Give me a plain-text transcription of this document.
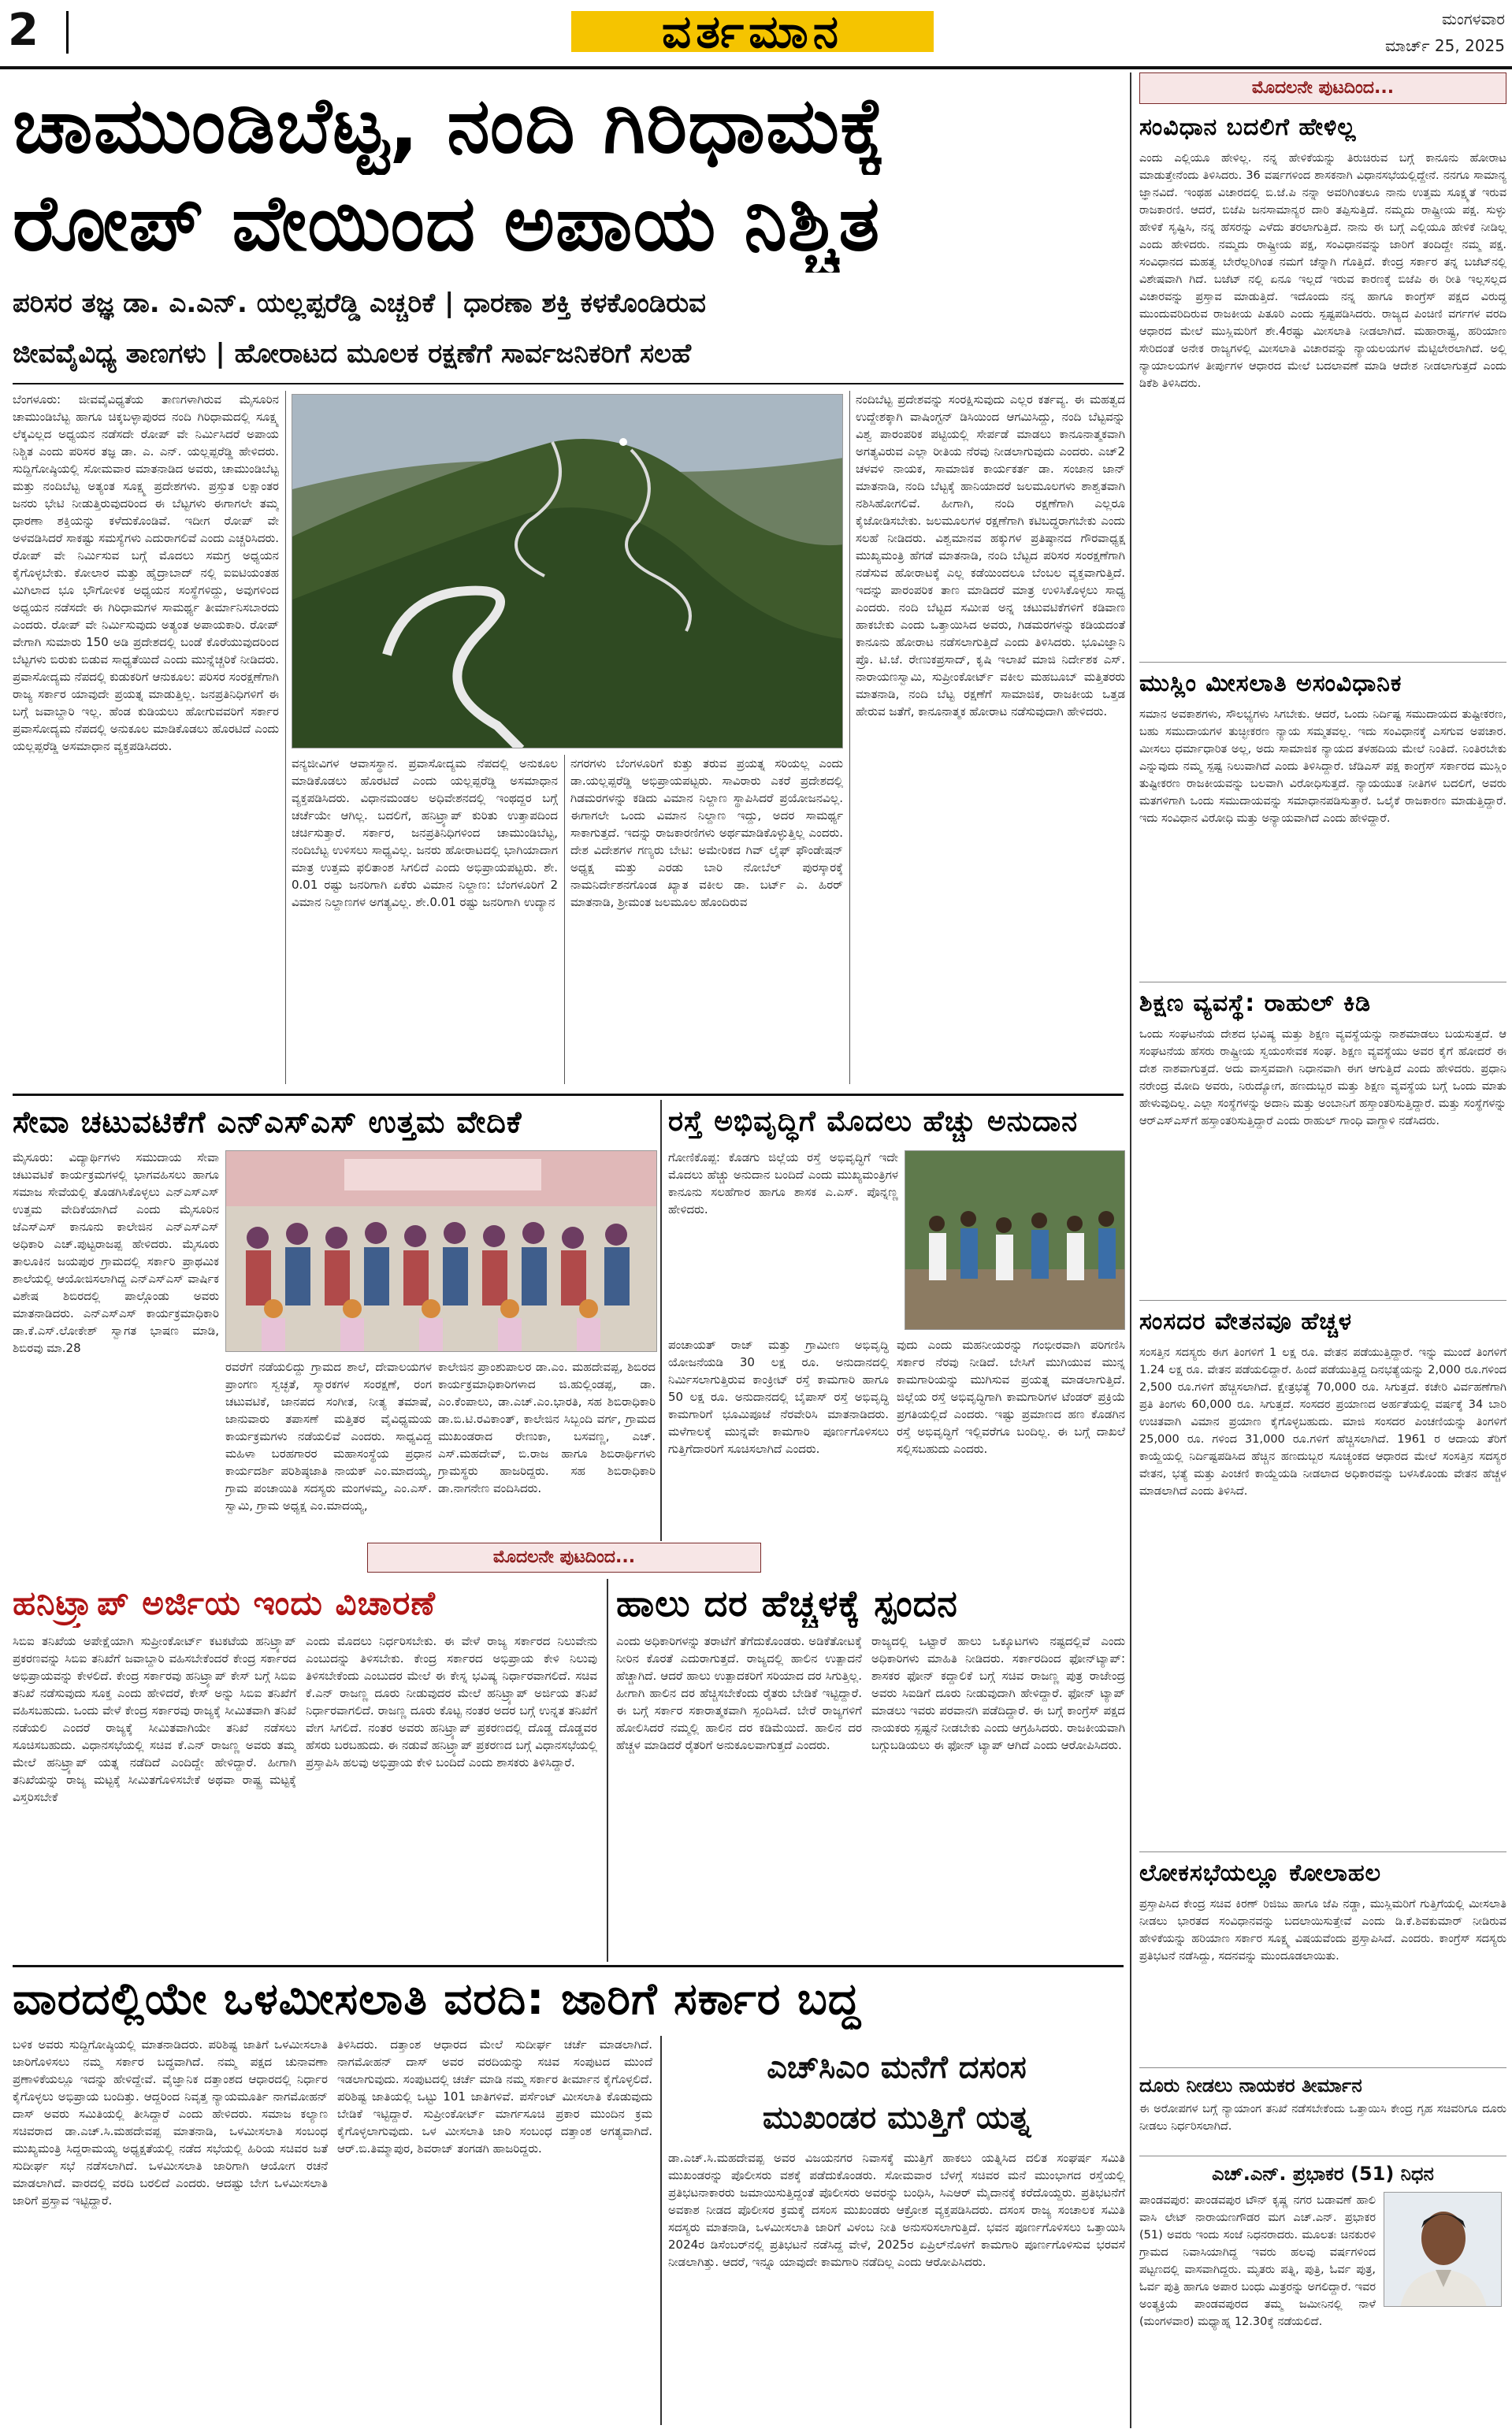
2	ವರ್ತಮಾನ	ಮಂಗಳವಾರ
ಮಾರ್ಚ್ 25, 2025
ಚಾಮುಂಡಿಬೆಟ್ಟ, ನಂದಿ ಗಿರಿಧಾಮಕ್ಕೆ
ರೋಪ್ ವೇಯಿಂದ ಅಪಾಯ ನಿಶ್ಚಿತ
ಪರಿಸರ ತಜ್ಞ ಡಾ. ಎ.ಎನ್. ಯಲ್ಲಪ್ಪರೆಡ್ಡಿ ಎಚ್ಚರಿಕೆ | ಧಾರಣಾ ಶಕ್ತಿ ಕಳಕೊಂಡಿರುವ
ಜೀವವೈವಿಧ್ಯ ತಾಣಗಳು | ಹೋರಾಟದ ಮೂಲಕ ರಕ್ಷಣೆಗೆ ಸಾರ್ವಜನಿಕರಿಗೆ ಸಲಹೆ
ಬೆಂಗಳೂರು: ಜೀವವೈವಿಧ್ಯತೆಯ ತಾಣಗಳಾಗಿರುವ ಮೈಸೂರಿನ ಚಾಮುಂಡಿಬೆಟ್ಟ ಹಾಗೂ ಚಿಕ್ಕಬಳ್ಳಾಪುರದ ನಂದಿ ಗಿರಿಧಾಮದಲ್ಲಿ ಸೂಕ್ಷ್ಮ ಲೆಕ್ಕವಿಲ್ಲದ ಅಧ್ಯಯನ ನಡೆಸದೇ ರೋಪ್ ವೇ ನಿರ್ಮಿಸಿದರೆ ಅಪಾಯ ನಿಶ್ಚಿತ ಎಂದು ಪರಿಸರ ತಜ್ಞ ಡಾ. ಎ. ಎನ್. ಯಲ್ಲಪ್ಪರೆಡ್ಡಿ ಹೇಳಿದರು. ಸುದ್ದಿಗೋಷ್ಠಿಯಲ್ಲಿ ಸೋಮವಾರ ಮಾತನಾಡಿದ ಅವರು, ಚಾಮುಂಡಿಬೆಟ್ಟ ಮತ್ತು ನಂದಿಬೆಟ್ಟ ಅತ್ಯಂತ ಸೂಕ್ಷ್ಮ ಪ್ರದೇಶಗಳು. ಪ್ರಸ್ತುತ ಲಕ್ಷಾಂತರ ಜನರು ಭೇಟಿ ನೀಡುತ್ತಿರುವುದರಿಂದ ಈ ಬೆಟ್ಟಗಳು ಈಗಾಗಲೇ ತಮ್ಮ ಧಾರಣಾ ಶಕ್ತಿಯನ್ನು ಕಳೆದುಕೊಂಡಿವೆ. ಇದೀಗ ರೋಪ್ ವೇ ಅಳವಡಿಸಿದರೆ ಸಾಕಷ್ಟು ಸಮಸ್ಯೆಗಳು ಎದುರಾಗಲಿವೆ ಎಂದು ಎಚ್ಚರಿಸಿದರು. ರೋಪ್ ವೇ ನಿರ್ಮಿಸುವ ಬಗ್ಗೆ ಮೊದಲು ಸಮಗ್ರ ಅಧ್ಯಯನ ಕೈಗೊಳ್ಳಬೇಕು. ಕೋಲಾರ ಮತ್ತು ಹೈದ್ರಾಬಾದ್ ನಲ್ಲಿ ಐಐಟಿಯಂತಹ ಮಿಗಿಲಾದ ಭೂ ಭೌಗೋಳಿಕ ಅಧ್ಯಯನ ಸಂಸ್ಥೆಗಳಿದ್ದು, ಅವುಗಳಿಂದ ಅಧ್ಯಯನ ನಡೆಸದೇ ಈ ಗಿರಿಧಾಮಗಳ ಸಾಮರ್ಥ್ಯ ತೀರ್ಮಾನಿಸಬಾರದು ಎಂದರು. ರೋಪ್ ವೇ ನಿರ್ಮಿಸುವುದು ಅತ್ಯಂತ ಅಪಾಯಕಾರಿ. ರೋಪ್ ವೇಗಾಗಿ ಸುಮಾರು 150 ಅಡಿ ಪ್ರದೇಶದಲ್ಲಿ ಬಂಡೆ ಕೊರೆಯುವುದರಿಂದ ಬೆಟ್ಟಗಳು ಬಿರುಕು ಬಿಡುವ ಸಾಧ್ಯತೆಯಿದೆ ಎಂದು ಮುನ್ನೆಚ್ಚರಿಕೆ ನೀಡಿದರು. ಪ್ರವಾಸೋದ್ಯಮ ನೆಪದಲ್ಲಿ ಕುಡುಕರಿಗೆ ಆನುಕೂಲ: ಪರಿಸರ ಸಂರಕ್ಷಣೆಗಾಗಿ ರಾಜ್ಯ ಸರ್ಕಾರ ಯಾವುದೇ ಪ್ರಯತ್ನ ಮಾಡುತ್ತಿಲ್ಲ. ಜನಪ್ರತಿನಿಧಿಗಳಿಗೆ ಈ ಬಗ್ಗೆ ಜವಾಬ್ದಾರಿ ಇಲ್ಲ. ಹೆಂಡ ಕುಡಿಯಲು ಹೋಗುವವರಿಗೆ ಸರ್ಕಾರ ಪ್ರವಾಸೋದ್ಯಮ ನೆಪದಲ್ಲಿ ಅನುಕೂಲ ಮಾಡಿಕೊಡಲು ಹೊರಟಿದೆ ಎಂದು ಯಲ್ಲಪ್ಪರೆಡ್ಡಿ ಅಸಮಾಧಾನ ವ್ಯಕ್ತಪಡಿಸಿದರು.
ವನ್ಯಜೀವಿಗಳ ಆವಾಸಸ್ಥಾನ. ಪ್ರವಾಸೋದ್ಯಮ ನೆಪದಲ್ಲಿ ಅನುಕೂಲ ಮಾಡಿಕೊಡಲು ಹೊರಟಿದೆ ಎಂದು ಯಲ್ಲಪ್ಪರೆಡ್ಡಿ ಅಸಮಾಧಾನ ವ್ಯಕ್ತಪಡಿಸಿದರು. ವಿಧಾನಮಂಡಲ ಅಧಿವೇಶನದಲ್ಲಿ ಇಂಥದ್ದರ ಬಗ್ಗೆ ಚರ್ಚೆಯೇ ಆಗಿಲ್ಲ. ಬದಲಿಗೆ, ಹನಿಟ್ರ್ಯಾಪ್ ಕುರಿತು ಉತ್ತಾಪದಿಂದ ಚರ್ಚಿಸುತ್ತಾರೆ. ಸರ್ಕಾರ, ಜನಪ್ರತಿನಿಧಿಗಳಿಂದ ಚಾಮುಂಡಿಬೆಟ್ಟ, ನಂದಿಬೆಟ್ಟ ಉಳಿಸಲು ಸಾಧ್ಯವಿಲ್ಲ. ಜನರು ಹೋರಾಟದಲ್ಲಿ ಭಾಗಿಯಾದಾಗ ಮಾತ್ರ ಉತ್ತಮ ಫಲಿತಾಂಶ ಸಿಗಲಿದೆ ಎಂದು ಅಭಿಪ್ರಾಯಪಟ್ಟರು. ಶೇ. 0.01 ರಷ್ಟು ಜನರಿಗಾಗಿ ಏಕೆರು ವಿಮಾನ ನಿಲ್ದಾಣ: ಬೆಂಗಳೂರಿಗೆ 2 ವಿಮಾನ ನಿಲ್ದಾಣಗಳ ಅಗತ್ಯವಿಲ್ಲ. ಶೇ.0.01 ರಷ್ಟು ಜನರಿಗಾಗಿ ಉದ್ಯಾನ
ನಗರಗಳು ಬೆಂಗಳೂರಿಗೆ ಕುತ್ತು ತರುವ ಪ್ರಯತ್ನ ಸರಿಯಲ್ಲ ಎಂದು ಡಾ.ಯಲ್ಲಪ್ಪರೆಡ್ಡಿ ಅಭಿಪ್ರಾಯಪಟ್ಟರು. ಸಾವಿರಾರು ಎಕರೆ ಪ್ರದೇಶದಲ್ಲಿ ಗಿಡಮರಗಳನ್ನು ಕಡಿದು ವಿಮಾನ ನಿಲ್ದಾಣ ಸ್ಥಾಪಿಸಿದರೆ ಪ್ರಯೋಜನವಿಲ್ಲ. ಈಗಾಗಲೇ ಒಂದು ವಿಮಾನ ನಿಲ್ದಾಣ ಇದ್ದು, ಅದರ ಸಾಮರ್ಥ್ಯ ಸಾಕಾಗುತ್ತದೆ. ಇದನ್ನು ರಾಜಕಾರಣಿಗಳು ಅರ್ಥಮಾಡಿಕೊಳ್ಳುತ್ತಿಲ್ಲ ಎಂದರು. ದೇಶ ವಿದೇಶಗಳ ಗಣ್ಯರು ಬೇಟಿ: ಅಮೇರಿಕದ ಗಿವ್ ಲೈಫ್ ಫೌಂಡೇಷನ್ ಅಧ್ಯಕ್ಷ ಮತ್ತು ಎರಡು ಬಾರಿ ನೋಬೆಲ್ ಪುರಸ್ಕಾರಕ್ಕೆ ನಾಮನಿರ್ದೇಶನಗೊಂಡ ಖ್ಯಾತ ವಕೀಲ ಡಾ. ಬರ್ಟ್ ಎ. ಹಿರರ್ ಮಾತನಾಡಿ, ಶ್ರೀಮಂತ ಜಲಮೂಲ ಹೊಂದಿರುವ
ನಂದಿಬೆಟ್ಟ ಪ್ರದೇಶವನ್ನು ಸಂರಕ್ಷಿಸುವುದು ಎಲ್ಲರ ಕರ್ತವ್ಯ. ಈ ಮಹತ್ವದ ಉದ್ದೇಶಕ್ಕಾಗಿ ವಾಷಿಂಗ್ಟನ್ ಡಿಸಿಯಿಂದ ಆಗಮಿಸಿದ್ದು, ನಂದಿ ಬೆಟ್ಟವನ್ನು ವಿಶ್ವ ಪಾರಂಪರಿಕ ಪಟ್ಟಿಯಲ್ಲಿ ಸೇರ್ಪಡೆ ಮಾಡಲು ಕಾನೂನಾತ್ಮಕವಾಗಿ ಅಗತ್ಯವಿರುವ ಎಲ್ಲಾ ರೀತಿಯ ನೆರವು ನೀಡಲಾಗುವುದು ಎಂದರು. ಎಚ್2 ಚಳವಳಿ ನಾಯಕ, ಸಾಮಾಜಿಕ ಕಾರ್ಯಕರ್ತ ಡಾ. ಸಂಜಾನ ಜಾನ್ ಮಾತನಾಡಿ, ನಂದಿ ಬೆಟ್ಟಕ್ಕೆ ಹಾನಿಯಾದರೆ ಜಲಮೂಲಗಳು ಶಾಶ್ವತವಾಗಿ ನಶಿಸಿಹೋಗಲಿವೆ. ಹೀಗಾಗಿ, ನಂದಿ ರಕ್ಷಣೆಗಾಗಿ ಎಲ್ಲರೂ ಕೈಜೋಡಿಸಬೇಕು. ಜಲಮೂಲಗಳ ರಕ್ಷಣೆಗಾಗಿ ಕಟಿಬದ್ಧರಾಗಬೇಕು ಎಂದು ಸಲಹೆ ನೀಡಿದರು. ವಿಶ್ವಮಾನವ ಹಕ್ಕುಗಳ ಪ್ರತಿಷ್ಠಾನದ ಗೌರವಾಧ್ಯಕ್ಷ ಮುಖ್ಯಮಂತ್ರಿ ಹೆಗಡೆ ಮಾತನಾಡಿ, ನಂದಿ ಬೆಟ್ಟದ ಪರಿಸರ ಸಂರಕ್ಷಣೆಗಾಗಿ ನಡೆಸುವ ಹೋರಾಟಕ್ಕೆ ಎಲ್ಲ ಕಡೆಯಿಂದಲೂ ಬೆಂಬಲ ವ್ಯಕ್ತವಾಗುತ್ತಿದೆ. ಇದನ್ನು ಪಾರಂಪರಿಕ ತಾಣ ಮಾಡಿದರೆ ಮಾತ್ರ ಉಳಿಸಿಕೊಳ್ಳಲು ಸಾಧ್ಯ ಎಂದರು. ನಂದಿ ಬೆಟ್ಟದ ಸಮೀಪ ಅನ್ನ ಚಟುವಟಿಕೆಗಳಿಗೆ ಕಡಿವಾಣ ಹಾಕಬೇಕು ಎಂದು ಒತ್ತಾಯಿಸಿದ ಅವರು, ಗಿಡಮರಗಳನ್ನು ಕಡಿಯದಂತೆ ಕಾನೂನು ಹೋರಾಟ ನಡೆಸಲಾಗುತ್ತಿದೆ ಎಂದು ತಿಳಿಸಿದರು. ಭೂವಿಜ್ಞಾನಿ ಪ್ರೊ. ಟಿ.ಜೆ. ರೇಣುಕಪ್ರಸಾದ್, ಕೃಷಿ ಇಲಾಖೆ ಮಾಜಿ ನಿರ್ದೇಶಕ ಎಸ್. ನಾರಾಯಣಸ್ವಾಮಿ, ಸುಪ್ರೀಂಕೋರ್ಟ್ ವಕೀಲ ಮಹಬೂಬ್ ಮತ್ತಿತರರು ಮಾತನಾಡಿ, ನಂದಿ ಬೆಟ್ಟ ರಕ್ಷಣೆಗೆ ಸಾಮಾಜಿಕ, ರಾಜಕೀಯ ಒತ್ತಡ ಹೇರುವ ಜತೆಗೆ, ಕಾನೂನಾತ್ಮಕ ಹೋರಾಟ ನಡೆಸುವುದಾಗಿ ಹೇಳಿದರು.
ಮೊದಲನೇ ಪುಟದಿಂದ...
ಸಂವಿಧಾನ ಬದಲಿಗೆ ಹೇಳಿಲ್ಲ
ಎಂದು ಎಲ್ಲಿಯೂ ಹೇಳಿಲ್ಲ. ನನ್ನ ಹೇಳಿಕೆಯನ್ನು ತಿರುಚಿರುವ ಬಗ್ಗೆ ಕಾನೂನು ಹೋರಾಟ ಮಾಡುತ್ತೇನೆಂದು ತಿಳಿಸಿದರು. 36 ವರ್ಷಗಳಿಂದ ಶಾಸಕನಾಗಿ ವಿಧಾನಸಭೆಯಲ್ಲಿದ್ದೇನೆ. ನನಗೂ ಸಾಮಾನ್ಯ ಜ್ಞಾನವಿದೆ. ಇಂಥಹ ವಿಚಾರದಲ್ಲಿ ಬಿ.ಜೆ.ಪಿ ನನ್ನಾ ಅವರಿಗಿಂತಲೂ ನಾನು ಉತ್ತಮ ಸೂಕ್ಷ್ಮತೆ ಇರುವ ರಾಜಕಾರಣಿ. ಆದರೆ, ಬಿಜೆಪಿ ಜನಸಾಮಾನ್ಯರ ದಾರಿ ತಪ್ಪಿಸುತ್ತಿದೆ. ನಮ್ಮದು ರಾಷ್ಟ್ರೀಯ ಪಕ್ಷ. ಸುಳ್ಳು ಹೇಳಿಕೆ ಸೃಷ್ಟಿಸಿ, ನನ್ನ ಹೆಸರನ್ನು ಎಳೆದು ತರಲಾಗುತ್ತಿದೆ. ನಾನು ಈ ಬಗ್ಗೆ ಎಲ್ಲಿಯೂ ಹೇಳಿಕೆ ನೀಡಿಲ್ಲ ಎಂದು ಹೇಳಿದರು. ನಮ್ಮದು ರಾಷ್ಟ್ರೀಯ ಪಕ್ಷ, ಸಂವಿಧಾನವನ್ನು ಜಾರಿಗೆ ತಂದಿದ್ದೇ ನಮ್ಮ ಪಕ್ಷ. ಸಂವಿಧಾನದ ಮಹತ್ವ ಬೇರೆಲ್ಲರಿಗಿಂತ ನಮಗೆ ಚೆನ್ನಾಗಿ ಗೊತ್ತಿದೆ. ಕೇಂದ್ರ ಸರ್ಕಾರ ತನ್ನ ಬಜೆಟ್‌ನಲ್ಲಿ ವಿಶೇಷವಾಗಿ ಗಿದೆ. ಬಜೆಟ್ ನಲ್ಲಿ ಏನೂ ಇಲ್ಲದೆ ಇರುವ ಕಾರಣಕ್ಕೆ ಬಿಜೆಪಿ ಈ ರೀತಿ ಇಲ್ಲಸಲ್ಲದ ವಿಚಾರವನ್ನು ಪ್ರಸ್ತಾವ ಮಾಡುತ್ತಿದೆ. ಇದೊಂದು ನನ್ನ ಹಾಗೂ ಕಾಂಗ್ರೆಸ್ ಪಕ್ಷದ ವಿರುದ್ಧ ಮುಂದುವರಿದಿರುವ ರಾಜಕೀಯ ಪಿತೂರಿ ಎಂದು ಸ್ಪಷ್ಟಪಡಿಸಿದರು. ರಾಜ್ಯದ ಪಿಂಚಿಣಿ ವರ್ಗಗಳ ವರದಿ ಆಧಾರದ ಮೇಲೆ ಮುಸ್ಲಿಮರಿಗೆ ಶೇ.4ರಷ್ಟು ಮೀಸಲಾತಿ ನೀಡಲಾಗಿದೆ. ಮಹಾರಾಷ್ಟ್ರ, ಹರಿಯಾಣ ಸೇರಿದಂತೆ ಅನೇಕ ರಾಜ್ಯಗಳಲ್ಲಿ ಮೀಸಲಾತಿ ವಿಚಾರವನ್ನು ನ್ಯಾಯಲಯಗಳ ಮೆಟ್ಟಿಲೇರಲಾಗಿದೆ. ಅಲ್ಲಿ ನ್ಯಾಯಾಲಯಗಳ ತೀರ್ಪುಗಳ ಆಧಾರದ ಮೇಲೆ ಬದಲಾವಣೆ ಮಾಡಿ ಆದೇಶ ನೀಡಲಾಗುತ್ತದೆ ಎಂದು ಡಿಕೆಶಿ ತಿಳಿಸಿದರು.
ಮುಸ್ಲಿಂ ಮೀಸಲಾತಿ ಅಸಂವಿಧಾನಿಕ
ಸಮಾನ ಅವಕಾಶಗಳು, ಸೌಲಭ್ಯಗಳು ಸಿಗಬೇಕು. ಆದರೆ, ಒಂದು ನಿರ್ದಿಷ್ಟ ಸಮುದಾಯದ ತುಷ್ಟೀಕರಣ, ಬಹು ಸಮುದಾಯಗಳ ತುಚ್ಛೀಕರಣ ನ್ಯಾಯ ಸಮ್ಮತವಲ್ಲ. ಇದು ಸಂವಿಧಾನಕ್ಕೆ ಎಸಗುವ ಅಪಚಾರ. ಮೀಸಲು ಧರ್ಮಾಧಾರಿತ ಅಲ್ಲ, ಅದು ಸಾಮಾಜಿಕ ನ್ಯಾಯದ ತಳಹದಿಯ ಮೇಲೆ ನಿಂತಿದೆ. ನಿಂತಿರಬೇಕು ಎನ್ನುವುದು ನಮ್ಮ ಸ್ಪಷ್ಟ ನಿಲುವಾಗಿದೆ ಎಂದು ತಿಳಿಸಿದ್ದಾರೆ. ಜೆಡಿಎಸ್ ಪಕ್ಷ ಕಾಂಗ್ರೆಸ್ ಸರ್ಕಾರದ ಮುಸ್ಲಿಂ ತುಷ್ಟೀಕರಣ ರಾಜಕೀಯವನ್ನು ಬಲವಾಗಿ ವಿರೋಧಿಸುತ್ತದೆ. ನ್ಯಾಯಯುತ ನೀತಿಗಳ ಬದಲಿಗೆ, ಅವರು ಮತಗಳಿಗಾಗಿ ಒಂದು ಸಮುದಾಯವನ್ನು ಸಮಾಧಾನಪಡಿಸುತ್ತಾರೆ. ಒಲೈಕೆ ರಾಜಕಾರಣ ಮಾಡುತ್ತಿದ್ದಾರೆ. ಇದು ಸಂವಿಧಾನ ವಿರೋಧಿ ಮತ್ತು ಅನ್ಯಾಯವಾಗಿದೆ ಎಂದು ಹೇಳಿದ್ದಾರೆ.
ಶಿಕ್ಷಣ ವ್ಯವಸ್ಥೆ: ರಾಹುಲ್ ಕಿಡಿ
ಒಂದು ಸಂಘಟನೆಯ ದೇಶದ ಭವಿಷ್ಯ ಮತ್ತು ಶಿಕ್ಷಣ ವ್ಯವಸ್ಥೆಯನ್ನು ನಾಶಮಾಡಲು ಬಯಸುತ್ತದೆ. ಆ ಸಂಘಟನೆಯ ಹೆಸರು ರಾಷ್ಟ್ರೀಯ ಸ್ವಯಂಸೇವಕ ಸಂಘ. ಶಿಕ್ಷಣ ವ್ಯವಸ್ಥೆಯು ಅವರ ಕೈಗೆ ಹೋದರೆ ಈ ದೇಶ ನಾಶವಾಗುತ್ತದೆ. ಅದು ವಾಸ್ತವವಾಗಿ ನಿಧಾನವಾಗಿ ಈಗ ಆಗುತ್ತಿದೆ ಎಂದು ಹೇಳಿದರು. ಪ್ರಧಾನಿ ನರೇಂದ್ರ ಮೋದಿ ಅವರು, ನಿರುದ್ಯೋಗ, ಹಣದುಬ್ಬರ ಮತ್ತು ಶಿಕ್ಷಣ ವ್ಯವಸ್ಥೆಯ ಬಗ್ಗೆ ಒಂದು ಮಾತು ಹೇಳುವುದಿಲ್ಲ. ಎಲ್ಲಾ ಸಂಸ್ಥೆಗಳನ್ನು ಅದಾನಿ ಮತ್ತು ಅಂಬಾನಿಗೆ ಹಸ್ತಾಂತರಿಸುತ್ತಿದ್ದಾರೆ. ಮತ್ತು ಸಂಸ್ಥೆಗಳನ್ನು ಆರ್‌ಎಸ್‌ಎಸ್‌ಗೆ ಹಸ್ತಾಂತರಿಸುತ್ತಿದ್ದಾರೆ ಎಂದು ರಾಹುಲ್ ಗಾಂಧಿ ವಾಗ್ದಾಳಿ ನಡೆಸಿದರು.
ಸಂಸದರ ವೇತನವೂ ಹೆಚ್ಚಳ
ಸಂಸತ್ತಿನ ಸದಸ್ಯರು ಈಗ ತಿಂಗಳಿಗೆ 1 ಲಕ್ಷ ರೂ. ವೇತನ ಪಡೆಯುತ್ತಿದ್ದಾರೆ. ಇನ್ನು ಮುಂದೆ ತಿಂಗಳಿಗೆ 1.24 ಲಕ್ಷ ರೂ. ವೇತನ ಪಡೆಯಲಿದ್ದಾರೆ. ಹಿಂದೆ ಪಡೆಯುತ್ತಿದ್ದ ದಿನಭತ್ಯೆಯನ್ನು 2,000 ರೂ.ಗಳಿಂದ 2,500 ರೂ.ಗಳಿಗೆ ಹೆಚ್ಚಿಸಲಾಗಿದೆ. ಕ್ಷೇತ್ರಭತ್ಯೆ 70,000 ರೂ. ಸಿಗುತ್ತದೆ. ಕಚೇರಿ ವಿರ್ವಹಣೆಗಾಗಿ ಪ್ರತಿ ತಿಂಗಳು 60,000 ರೂ. ಸಿಗುತ್ತದೆ. ಸಂಸದರ ಪ್ರಯಾಣದ ಅರ್ಹತೆಯಲ್ಲಿ ವರ್ಷಕ್ಕೆ 34 ಬಾರಿ ಉಚಿತವಾಗಿ ವಿಮಾನ ಪ್ರಯಾಣ ಕೈಗೊಳ್ಳಬಹುದು. ಮಾಜಿ ಸಂಸದರ ಪಿಂಚಣಿಯನ್ನು ತಿಂಗಳಿಗೆ 25,000 ರೂ. ಗಳಿಂದ 31,000 ರೂ.ಗಳಿಗೆ ಹೆಚ್ಚಿಸಲಾಗಿದೆ. 1961 ರ ಆದಾಯ ತೆರಿಗೆ ಕಾಯ್ದೆಯಲ್ಲಿ ನಿರ್ದಿಷ್ಟಪಡಿಸಿದ ಹೆಚ್ಚಿನ ಹಣದುಬ್ಬರ ಸೂಚ್ಯಂಕದ ಆಧಾರದ ಮೇಲೆ ಸಂಸತ್ತಿನ ಸದಸ್ಯರ ವೇತನ, ಭತ್ಯೆ ಮತ್ತು ಪಿಂಚಣಿ ಕಾಯ್ದೆಯಡಿ ನೀಡಲಾದ ಅಧಿಕಾರವನ್ನು ಬಳಸಿಕೊಂಡು ವೇತನ ಹೆಚ್ಚಳ ಮಾಡಲಾಗಿದೆ ಎಂದು ತಿಳಿಸಿದೆ.
ಲೋಕಸಭೆಯಲ್ಲೂ ಕೋಲಾಹಲ
ಪ್ರಸ್ತಾಪಿಸಿದ ಕೇಂದ್ರ ಸಚಿವ ಕಿರಣ್ ರಿಜಿಜು ಹಾಗೂ ಜೆಪಿ ನಡ್ಡಾ, ಮುಸ್ಲಿಮರಿಗೆ ಗುತ್ತಿಗೆಯಲ್ಲಿ ಮೀಸಲಾತಿ ನೀಡಲು ಭಾರತದ ಸಂವಿಧಾನವನ್ನು ಬದಲಾಯಿಸುತ್ತೇವೆ ಎಂದು ಡಿ.ಕೆ.ಶಿವಕುಮಾರ್ ನೀಡಿರುವ ಹೇಳಿಕೆಯನ್ನು ಹರಿಯಾಣ ಸರ್ಕಾರ ಸೂಕ್ಷ್ಮ ವಿಷಯವೆಂದು ಪ್ರಸ್ತಾಪಿಸಿದೆ. ಎಂದರು. ಕಾಂಗ್ರೆಸ್ ಸದಸ್ಯರು ಪ್ರತಿಭಟನೆ ನಡೆಸಿದ್ದು, ಸದನವನ್ನು ಮುಂದೂಡಲಾಯಿತು.
ದೂರು ನೀಡಲು ನಾಯಕರ ತೀರ್ಮಾನ
ಈ ಅರೋಪಗಳ ಬಗ್ಗೆ ನ್ಯಾಯಾಂಗ ತನಿಖೆ ನಡೆಸಬೇಕೆಂದು ಒತ್ತಾಯಿಸಿ ಕೇಂದ್ರ ಗೃಹ ಸಚಿವರಿಗೂ ದೂರು ನೀಡಲು ನಿರ್ಧರಿಸಲಾಗಿದೆ.
ಎಚ್.ಎನ್. ಪ್ರಭಾಕರ (51) ನಿಧನ
ಪಾಂಡವಪುರ: ಪಾಂಡವಪುರ ಟೌನ್ ಕೃಷ್ಣ ನಗರ ಬಡಾವಣೆ ಹಾಲಿ ವಾಸಿ ಲೇಟ್ ನಾರಾಯಣಗೌಡರ ಮಗ ಎಚ್.ಎನ್. ಪ್ರಭಾಕರ (51) ಅವರು ಇಂದು ಸಂಜೆ ನಿಧನರಾದರು. ಮೂಲತಃ ಚಿನಕುರಳಿ ಗ್ರಾಮದ ನಿವಾಸಿಯಾಗಿದ್ದ ಇವರು ಹಲವು ವರ್ಷಗಳಿಂದ ಪಟ್ಟಣದಲ್ಲಿ ವಾಸವಾಗಿದ್ದರು. ಮೃತರು ಪತ್ನಿ, ಪುತ್ರಿ, ಓರ್ವ ಪುತ್ರ, ಓರ್ವ ಪುತ್ರಿ ಹಾಗೂ ಅಪಾರ ಬಂಧು ಮಿತ್ರರನ್ನು ಅಗಲಿದ್ದಾರೆ. ಇವರ ಅಂತ್ಯಕ್ರಿಯೆ ಪಾಂಡವಪುರದ ತಮ್ಮ ಜಮೀನಿನಲ್ಲಿ ನಾಳೆ (ಮಂಗಳವಾರ) ಮಧ್ಯಾಹ್ನ 12.30ಕ್ಕೆ ನಡೆಯಲಿದೆ.
ಸೇವಾ ಚಟುವಟಿಕೆಗೆ ಎನ್‌ಎಸ್‌ಎಸ್ ಉತ್ತಮ ವೇದಿಕೆ	ರಸ್ತೆ ಅಭಿವೃದ್ಧಿಗೆ ಮೊದಲು ಹೆಚ್ಚು ಅನುದಾನ
ಮೈಸೂರು: ವಿದ್ಯಾರ್ಥಿಗಳು ಸಮುದಾಯ ಸೇವಾ ಚಟುವಟಿಕೆ ಕಾರ್ಯಕ್ರಮಗಳಲ್ಲಿ ಭಾಗವಹಿಸಲು ಹಾಗೂ ಸಮಾಜ ಸೇವೆಯಲ್ಲಿ ತೊಡಗಿಸಿಕೊಳ್ಳಲು ಎನ್‌ಎಸ್‌ಎಸ್ ಉತ್ತಮ ವೇದಿಕೆಯಾಗಿದೆ ಎಂದು ಮೈಸೂರಿನ ಜೆಎಸ್‌ಎಸ್ ಕಾನೂನು ಕಾಲೇಜಿನ ಎನ್‌ಎಸ್‌ಎಸ್ ಅಧಿಕಾರಿ ಎಚ್.ಪುಟ್ಟರಾಜಪ್ಪ ಹೇಳಿದರು. ಮೈಸೂರು ತಾಲೂಕಿನ ಜಯಪುರ ಗ್ರಾಮದಲ್ಲಿ ಸರ್ಕಾರಿ ಪ್ರಾಥಮಿಕ ಶಾಲೆಯಲ್ಲಿ ಆಯೋಜಿಸಲಾಗಿದ್ದ ಎನ್‌ಎಸ್‌ಎಸ್ ವಾರ್ಷಿಕ ವಿಶೇಷ ಶಿಬಿರದಲ್ಲಿ ಪಾಲ್ಗೊಂಡು ಅವರು ಮಾತನಾಡಿದರು. ಎನ್‌ಎಸ್‌ಎಸ್ ಕಾರ್ಯಕ್ರಮಾಧಿಕಾರಿ ಡಾ.ಕೆ.ಎಸ್.ಲೋಕೇಶ್ ಸ್ವಾಗತ ಭಾಷಣ ಮಾಡಿ, ಶಿಬಿರವು ಮಾ.28
ರವರೆಗೆ ನಡೆಯಲಿದ್ದು ಗ್ರಾಮದ ಶಾಲೆ, ದೇವಾಲಯಗಳ ಪ್ರಾಂಗಣ ಸ್ವಚ್ಛತೆ, ಸ್ಮಾರಕಗಳ ಸಂರಕ್ಷಣೆ, ರಂಗ ಚಟುವಟಿಕೆ, ಜಾನಪದ ಸಂಗೀತ, ನೀತ್ಯ ತಮಾಷೆ, ಜಾನುವಾರು ತಪಾಸಣೆ ಮತ್ತಿತರ ವೈವಿಧ್ಯಮಯ ಕಾರ್ಯಕ್ರಮಗಳು ನಡೆಯಲಿವೆ ಎಂದರು. ಸಾಧ್ಯವಿದ್ದ ಮಹಿಳಾ ಬರಹಗಾರರ ಮಹಾಸಂಸ್ಥೆಯ ಪ್ರಧಾನ ಕಾರ್ಯದರ್ಶಿ ಪರಿಶಿಷ್ಠಜಾತಿ ನಾಯಕ್ ಎಂ.ಮಾದಯ್ಯ, ಗ್ರಾಮ ಪಂಚಾಯಿತಿ ಸದಸ್ಯರು ಮಂಗಳಮ್ಮ, ಎಂ.ಎಸ್. ಸ್ವಾಮಿ, ಗ್ರಾಮ ಅಧ್ಯಕ್ಷ ಎಂ.ಮಾದಯ್ಯ,
ಕಾಲೇಜಿನ ಪ್ರಾಂಶುಪಾಲರ ಡಾ.ಎಂ. ಮಹದೇವಪ್ಪ, ಶಿಬಿರದ ಕಾರ್ಯಕ್ರಮಾಧಿಕಾರಿಗಳಾದ ಜಿ.ಹುಲ್ಲಿಂಡಪ್ಪ, ಡಾ. ಎಂ.ಕೆಂಪಾಲು, ಡಾ.ಎಚ್.ಎಂ.ಭಾರತಿ, ಸಹ ಶಿಬಿರಾಧಿಕಾರಿ ಡಾ.ಬಿ.ಟಿ.ರವಿಕಾಂತ್, ಕಾಲೇಜಿನ ಸಿಬ್ಬಂದಿ ವರ್ಗ, ಗ್ರಾಮದ ಮುಖಂಡರಾದ ರೇಣುಕಾ, ಬಸವಣ್ಣ, ಎಚ್. ಎಸ್.ಮಹದೇವ್, ಬಿ.ರಾಜ ಹಾಗೂ ಶಿಬಿರಾರ್ಥಿಗಳು ಗ್ರಾಮಸ್ಥರು ಹಾಜರಿದ್ದರು. ಸಹ ಶಿಬಿರಾಧಿಕಾರಿ ಡಾ.ನಾಗನೇಣ ವಂದಿಸಿದರು.
ಗೋಣಿಕೊಪ್ಪ: ಕೊಡಗು ಜಿಲ್ಲೆಯ ರಸ್ತೆ ಅಭಿವೃದ್ಧಿಗೆ ಇದೇ ಮೊದಲು ಹೆಚ್ಚು ಅನುದಾನ ಬಂದಿದೆ ಎಂದು ಮುಖ್ಯಮಂತ್ರಿಗಳ ಕಾನೂನು ಸಲಹೆಗಾರ ಹಾಗೂ ಶಾಸಕ ಎ.ಎಸ್. ಪೊನ್ನಣ್ಣ ಹೇಳಿದರು.
ಪಂಚಾಯತ್ ರಾಜ್ ಮತ್ತು ಗ್ರಾಮೀಣ ಅಭಿವೃದ್ಧಿ ಯೋಜನೆಯಡಿ 30 ಲಕ್ಷ ರೂ. ಅನುದಾನದಲ್ಲಿ ನಿರ್ಮಿಸಲಾಗುತ್ತಿರುವ ಕಾಂಕ್ರೀಟ್ ರಸ್ತೆ ಕಾಮಗಾರಿ ಹಾಗೂ 50 ಲಕ್ಷ ರೂ. ಅನುದಾನದಲ್ಲಿ ಬೈಪಾಸ್ ರಸ್ತೆ ಅಭಿವೃದ್ಧಿ ಕಾಮಗಾರಿಗೆ ಭೂಮಿಪೂಜೆ ನೆರವೇರಿಸಿ ಮಾತನಾಡಿದರು. ಮಳೆಗಾಲಕ್ಕೆ ಮುನ್ನವೇ ಕಾಮಗಾರಿ ಪೂರ್ಣಗೊಳಿಸಲು ಗುತ್ತಿಗೆದಾರರಿಗೆ ಸೂಚಿಸಲಾಗಿದೆ ಎಂದರು.
ವುದು ಎಂದು ಮಹನೀಯರನ್ನು ಗಂಭೀರವಾಗಿ ಪರಿಗಣಿಸಿ ಸರ್ಕಾರ ನೆರವು ನೀಡಿದೆ. ಬೇಸಿಗೆ ಮುಗಿಯುವ ಮುನ್ನ ಕಾಮಗಾರಿಯನ್ನು ಮುಗಿಸುವ ಪ್ರಯತ್ನ ಮಾಡಲಾಗುತ್ತಿದೆ. ಜಿಲ್ಲೆಯ ರಸ್ತೆ ಅಭಿವೃದ್ಧಿಗಾಗಿ ಕಾಮಗಾರಿಗಳ ಟೆಂಡರ್ ಪ್ರಕ್ರಿಯೆ ಪ್ರಗತಿಯಲ್ಲಿದೆ ಎಂದರು. ಇಷ್ಟು ಪ್ರಮಾಣದ ಹಣ ಕೊಡಗಿನ ರಸ್ತೆ ಅಭಿವೃದ್ಧಿಗೆ ಇಲ್ಲಿವರೆಗೂ ಬಂದಿಲ್ಲ. ಈ ಬಗ್ಗೆ ದಾಖಲೆ ಸಲ್ಲಿಸಬಹುದು ಎಂದರು.
ಮೊದಲನೇ ಪುಟದಿಂದ...
ಹನಿಟ್ರ್ಯಾಪ್ ಅರ್ಜಿಯ ಇಂದು ವಿಚಾರಣೆ
ಸಿಬಿಐ ತನಿಖೆಯ ಅಪೇಕ್ಷೆಯಾಗಿ ಸುಪ್ರೀಂಕೋರ್ಟ್ ಕಟಕಟೆಯ ಹನಿಟ್ರ್ಯಾಪ್ ಪ್ರಕರಣವನ್ನು ಸಿಬಿಐ ತನಿಖೆಗೆ ಜವಾಬ್ದಾರಿ ವಹಿಸಬೇಕೆಂದರೆ ಕೇಂದ್ರ ಸರ್ಕಾರದ ಅಭಿಪ್ರಾಯವನ್ನು ಕೇಳಲಿದೆ. ಕೇಂದ್ರ ಸರ್ಕಾರವು ಹನಿಟ್ರ್ಯಾಪ್ ಕೇಸ್ ಬಗ್ಗೆ ಸಿಬಿಐ ತನಿಖೆ ನಡೆಸುವುದು ಸೂಕ್ತ ಎಂದು ಹೇಳಿದರೆ, ಕೇಸ್ ಅನ್ನು ಸಿಬಿಐ ತನಿಖೆಗೆ ವಹಿಸಬಹುದು. ಒಂದು ವೇಳೆ ಕೇಂದ್ರ ಸರ್ಕಾರವು ರಾಜ್ಯಕ್ಕೆ ಸೀಮಿತವಾಗಿ ತನಿಖೆ ನಡೆಯಲಿ ಎಂದರೆ ರಾಜ್ಯಕ್ಕೆ ಸೀಮಿತವಾಗಿಯೇ ತನಿಖೆ ನಡೆಸಲು ಸೂಚಿಸಬಹುದು. ವಿಧಾನಸಭೆಯಲ್ಲಿ ಸಚಿವ ಕೆ.ಎನ್ ರಾಜಣ್ಣ ಅವರು ತಮ್ಮ ಮೇಲೆ ಹನಿಟ್ರ್ಯಾಪ್ ಯತ್ನ ನಡೆದಿದೆ ಎಂದಿದ್ದೇ ಹೇಳಿದ್ದಾರೆ. ಹೀಗಾಗಿ ತನಿಖೆಯನ್ನು ರಾಜ್ಯ ಮಟ್ಟಕ್ಕೆ ಸೀಮಿತಗೊಳಿಸಬೇಕೆ ಅಥವಾ ರಾಷ್ಟ್ರ ಮಟ್ಟಕ್ಕೆ ವಿಸ್ತರಿಸಬೇಕೆ
ಎಂದು ಮೊದಲು ನಿರ್ಧರಿಸಬೇಕು. ಈ ವೇಳೆ ರಾಜ್ಯ ಸರ್ಕಾರದ ನಿಲುವೇನು ಎಂಬುದನ್ನು ತಿಳಿಸಬೇಕು. ಕೇಂದ್ರ ಸರ್ಕಾರದ ಅಭಿಪ್ರಾಯ ಕೇಳಿ ನಿಲುವು ತಿಳಿಸಬೇಕೆಂದು ಎಂಬುದರ ಮೇಲೆ ಈ ಕೇಸ್ನ ಭವಿಷ್ಯ ನಿರ್ಧಾರವಾಗಲಿದೆ. ಸಚಿವ ಕೆ.ಎನ್ ರಾಜಣ್ಣ ದೂರು ನೀಡುವುದರ ಮೇಲೆ ಹನಿಟ್ರ್ಯಾಪ್ ಅರ್ಜಿಯ ತನಿಖೆ ನಿರ್ಧಾರವಾಗಲಿದೆ. ರಾಜಣ್ಣ ದೂರು ಕೊಟ್ಟ ನಂತರ ಅದರ ಬಗ್ಗೆ ಉನ್ನತ ತನಿಖೆಗೆ ವೇಗ ಸಿಗಲಿದೆ. ನಂತರ ಅವರು ಹನಿಟ್ರ್ಯಾಪ್ ಪ್ರಕರಣದಲ್ಲಿ ದೊಡ್ಡ ದೊಡ್ಡವರ ಹೆಸರು ಬರಬಹುದು. ಈ ನಡುವೆ ಹನಿಟ್ರ್ಯಾಪ್ ಪ್ರಕರಣದ ಬಗ್ಗೆ ವಿಧಾನಸಭೆಯಲ್ಲಿ ಪ್ರಸ್ತಾಪಿಸಿ ಹಲವು ಅಭಿಪ್ರಾಯ ಕೇಳಿ ಬಂದಿದೆ ಎಂದು ಶಾಸಕರು ತಿಳಿಸಿದ್ದಾರೆ.
ಹಾಲು ದರ ಹೆಚ್ಚಳಕ್ಕೆ ಸ್ಪಂದನ
ಎಂದು ಅಧಿಕಾರಿಗಳನ್ನು ತರಾಟೆಗೆ ತೆಗೆದುಕೊಂಡರು. ಅಡಿಕೆತೋಟಕ್ಕೆ ನೀರಿನ ಕೊರತೆ ಎದುರಾಗುತ್ತದೆ. ರಾಜ್ಯದಲ್ಲಿ ಹಾಲಿನ ಉತ್ಪಾದನೆ ಹೆಚ್ಚಾಗಿದೆ. ಆದರೆ ಹಾಲು ಉತ್ಪಾದಕರಿಗೆ ಸರಿಯಾದ ದರ ಸಿಗುತ್ತಿಲ್ಲ. ಹೀಗಾಗಿ ಹಾಲಿನ ದರ ಹೆಚ್ಚಿಸಬೇಕೆಂದು ರೈತರು ಬೇಡಿಕೆ ಇಟ್ಟಿದ್ದಾರೆ. ಈ ಬಗ್ಗೆ ಸರ್ಕಾರ ಸಕಾರಾತ್ಮಕವಾಗಿ ಸ್ಪಂದಿಸಿದೆ. ಬೇರೆ ರಾಜ್ಯಗಳಿಗೆ ಹೋಲಿಸಿದರೆ ನಮ್ಮಲ್ಲಿ ಹಾಲಿನ ದರ ಕಡಿಮೆಯಿದೆ. ಹಾಲಿನ ದರ ಹೆಚ್ಚಳ ಮಾಡಿದರೆ ರೈತರಿಗೆ ಅನುಕೂಲವಾಗುತ್ತದೆ ಎಂದರು.
ರಾಜ್ಯದಲ್ಲಿ ಒಟ್ಟಾರೆ ಹಾಲು ಒಕ್ಕೂಟಗಳು ನಷ್ಟದಲ್ಲಿವೆ ಎಂದು ಅಧಿಕಾರಿಗಳು ಮಾಹಿತಿ ನೀಡಿದರು. ಸರ್ಕಾರದಿಂದ ಫೋನ್‌ಟ್ಯಾಪ್: ಶಾಸಕರ ಫೋನ್ ಕದ್ದಾಲಿಕೆ ಬಗ್ಗೆ ಸಚಿವ ರಾಜಣ್ಣ ಪುತ್ರ ರಾಜೇಂದ್ರ ಅವರು ಸಿಐಡಿಗೆ ದೂರು ನೀಡುವುದಾಗಿ ಹೇಳಿದ್ದಾರೆ. ಫೋನ್ ಟ್ಯಾಪ್ ಮಾಡಲು ಇವರು ಪರವಾನಗಿ ಪಡೆದಿದ್ದಾರೆ. ಈ ಬಗ್ಗೆ ಕಾಂಗ್ರೆಸ್ ಪಕ್ಷದ ನಾಯಕರು ಸ್ಪಷ್ಟನೆ ನೀಡಬೇಕು ಎಂದು ಆಗ್ರಹಿಸಿದರು. ರಾಜಕೀಯವಾಗಿ ಬಗ್ಗುಬಡಿಯಲು ಈ ಫೋನ್ ಟ್ಯಾಪ್ ಆಗಿದೆ ಎಂದು ಆರೋಪಿಸಿದರು.
ವಾರದಲ್ಲಿಯೇ ಒಳಮೀಸಲಾತಿ ವರದಿ: ಜಾರಿಗೆ ಸರ್ಕಾರ ಬದ್ಧ
ಬಳಿಕ ಅವರು ಸುದ್ದಿಗೋಷ್ಠಿಯಲ್ಲಿ ಮಾತನಾಡಿದರು. ಪರಿಶಿಷ್ಟ ಜಾತಿಗೆ ಒಳಮೀಸಲಾತಿ ಜಾರಿಗೊಳಿಸಲು ನಮ್ಮ ಸರ್ಕಾರ ಬದ್ಧವಾಗಿದೆ. ನಮ್ಮ ಪಕ್ಷದ ಚುನಾವಣಾ ಪ್ರಣಾಳಿಕೆಯಲ್ಲೂ ಇದನ್ನು ಹೇಳಿದ್ದೇವೆ. ವೈಜ್ಞಾನಿಕ ದತ್ತಾಂಶದ ಆಧಾರದಲ್ಲಿ ನಿರ್ಧಾರ ಕೈಗೊಳ್ಳಲು ಅಭಿಪ್ರಾಯ ಬಂದಿತ್ತು. ಆದ್ದರಿಂದ ನಿವೃತ್ತ ನ್ಯಾಯಮೂರ್ತಿ ನಾಗಮೋಹನ್ ದಾಸ್ ಅವರು ಸಮಿತಿಯಲ್ಲಿ ತೀಸಿದ್ದಾರೆ ಎಂದು ಹೇಳಿದರು. ಸಮಾಜ ಕಲ್ಯಾಣ ಸಚಿವರಾದ ಡಾ.ಎಚ್.ಸಿ.ಮಹದೇವಪ್ಪ ಮಾತನಾಡಿ, ಒಳಮೀಸಲಾತಿ ಸಂಬಂಧ ಮುಖ್ಯಮಂತ್ರಿ ಸಿದ್ದರಾಮಯ್ಯ ಅಧ್ಯಕ್ಷತೆಯಲ್ಲಿ ನಡೆದ ಸಭೆಯಲ್ಲಿ ಹಿರಿಯ ಸಚಿವರ ಜತೆ ಸುದೀರ್ಘ ಸಭೆ ನಡೆಸಲಾಗಿದೆ. ಒಳಮೀಸಲಾತಿ ಜಾರಿಗಾಗಿ ಆಯೋಗ ರಚನೆ ಮಾಡಲಾಗಿದೆ. ವಾರದಲ್ಲಿ ವರದಿ ಬರಲಿದೆ ಎಂದರು. ಆದಷ್ಟು ಬೇಗ ಒಳಮೀಸಲಾತಿ ಜಾರಿಗೆ ಪ್ರಸ್ತಾವ ಇಟ್ಟಿದ್ದಾರೆ.
ತಿಳಿಸಿದರು. ದತ್ತಾಂಶ ಆಧಾರದ ಮೇಲೆ ಸುದೀರ್ಘ ಚರ್ಚೆ ಮಾಡಲಾಗಿದೆ. ನಾಗಮೋಹನ್ ದಾಸ್ ಅವರ ವರದಿಯನ್ನು ಸಚಿವ ಸಂಪುಟದ ಮುಂದೆ ಇಡಲಾಗುವುದು. ಸಂಪುಟದಲ್ಲಿ ಚರ್ಚೆ ಮಾಡಿ ನಮ್ಮ ಸರ್ಕಾರ ತೀರ್ಮಾನ ಕೈಗೊಳ್ಳಲಿದೆ. ಪರಿಶಿಷ್ಟ ಜಾತಿಯಲ್ಲಿ ಒಟ್ಟು 101 ಜಾತಿಗಳಿವೆ. ಪರ್ಸೆಂಟ್ ಮೀಸಲಾತಿ ಕೊಡುವುದು ಬೇಡಿಕೆ ಇಟ್ಟಿದ್ದಾರೆ. ಸುಪ್ರೀಂಕೋರ್ಟ್ ಮಾರ್ಗಸೂಚಿ ಪ್ರಕಾರ ಮುಂದಿನ ಕ್ರಮ ಕೈಗೊಳ್ಳಲಾಗುವುದು. ಒಳ ಮೀಸಲಾತಿ ಜಾರಿ ಸಂಬಂಧ ದತ್ತಾಂಶ ಅಗತ್ಯವಾಗಿದೆ. ಆರ್.ಬಿ.ತಿಮ್ಮಾಪುರ, ಶಿವರಾಜ್ ತಂಗಡಗಿ ಹಾಜರಿದ್ದರು.
ಎಚ್‌ಸಿಎಂ ಮನೆಗೆ ದಸಂಸ
ಮುಖಂಡರ ಮುತ್ತಿಗೆ ಯತ್ನ
ಡಾ.ಎಚ್.ಸಿ.ಮಹದೇವಪ್ಪ ಅವರ ವಿಜಯನಗರ ನಿವಾಸಕ್ಕೆ ಮುತ್ತಿಗೆ ಹಾಕಲು ಯತ್ನಿಸಿದ ದಲಿತ ಸಂಘರ್ಷ ಸಮಿತಿ ಮುಖಂಡರನ್ನು ಪೊಲೀಸರು ವಶಕ್ಕೆ ಪಡೆದುಕೊಂಡರು. ಸೋಮವಾರ ಬೆಳಗ್ಗೆ ಸಚಿವರ ಮನೆ ಮುಂಭಾಗದ ರಸ್ತೆಯಲ್ಲಿ ಪ್ರತಿಭಟನಾಕಾರರು ಜಮಾಯಿಸುತ್ತಿದ್ದಂತೆ ಪೊಲೀಸರು ಅವರನ್ನು ಬಂಧಿಸಿ, ಸಿಎಆರ್ ಮೈದಾನಕ್ಕೆ ಕರೆದೊಯ್ದರು. ಪ್ರತಿಭಟನೆಗೆ ಅವಕಾಶ ನೀಡದ ಪೊಲೀಸರ ಕ್ರಮಕ್ಕೆ ದಸಂಸ ಮುಖಂಡರು ಆಕ್ರೋಶ ವ್ಯಕ್ತಪಡಿಸಿದರು. ದಸಂಸ ರಾಜ್ಯ ಸಂಚಾಲಕ ಸಮಿತಿ ಸದಸ್ಯರು ಮಾತನಾಡಿ, ಒಳಮೀಸಲಾತಿ ಜಾರಿಗೆ ವಿಳಂಬ ನೀತಿ ಅನುಸರಿಸಲಾಗುತ್ತಿದೆ. ಭವನ ಪೂರ್ಣಗೊಳಿಸಲು ಒತ್ತಾಯಿಸಿ 2024ರ ಡಿಸೆಂಬರ್‌ನಲ್ಲಿ ಪ್ರತಿಭಟನೆ ನಡೆಸಿದ್ದ ವೇಳೆ, 2025ರ ಏಪ್ರಿಲ್‌ನೊಳಗೆ ಕಾಮಗಾರಿ ಪೂರ್ಣಗೊಳಿಸುವ ಭರವಸೆ ನೀಡಲಾಗಿತ್ತು. ಆದರೆ, ಇನ್ನೂ ಯಾವುದೇ ಕಾಮಗಾರಿ ನಡೆದಿಲ್ಲ ಎಂದು ಆರೋಪಿಸಿದರು.
